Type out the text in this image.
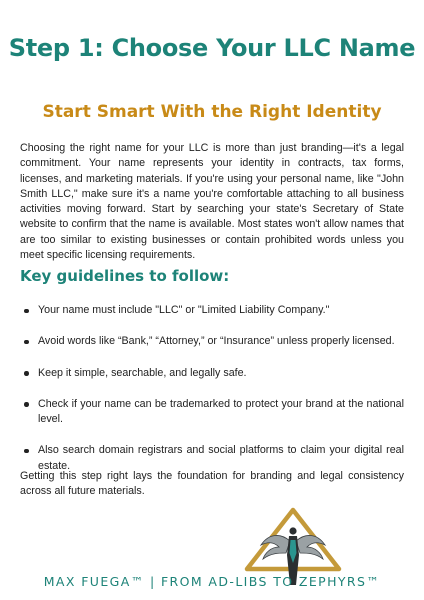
Step 1: Choose Your LLC Name
Start Smart With the Right Identity

Choosing the right name for your LLC is more than just branding—it's a legal commitment. Your name represents your identity in contracts, tax forms, licenses, and marketing materials. If you're using your personal name, like "John Smith LLC," make sure it's a name you're comfortable attaching to all business activities moving forward. Start by searching your state's Secretary of State website to confirm that the name is available. Most states won't allow names that are too similar to existing businesses or contain prohibited words unless you meet specific licensing requirements.

Key guidelines to follow:
Your name must include "LLC" or "Limited Liability Company."
Avoid words like “Bank,” “Attorney,” or “Insurance” unless properly licensed.
Keep it simple, searchable, and legally safe.
Check if your name can be trademarked to protect your brand at the national level.
Also search domain registrars and social platforms to claim your digital real estate.

Getting this step right lays the foundation for branding and legal consistency across all future materials.

MAX FUEGA™ | FROM AD-LIBS TO ZEPHYRS™
